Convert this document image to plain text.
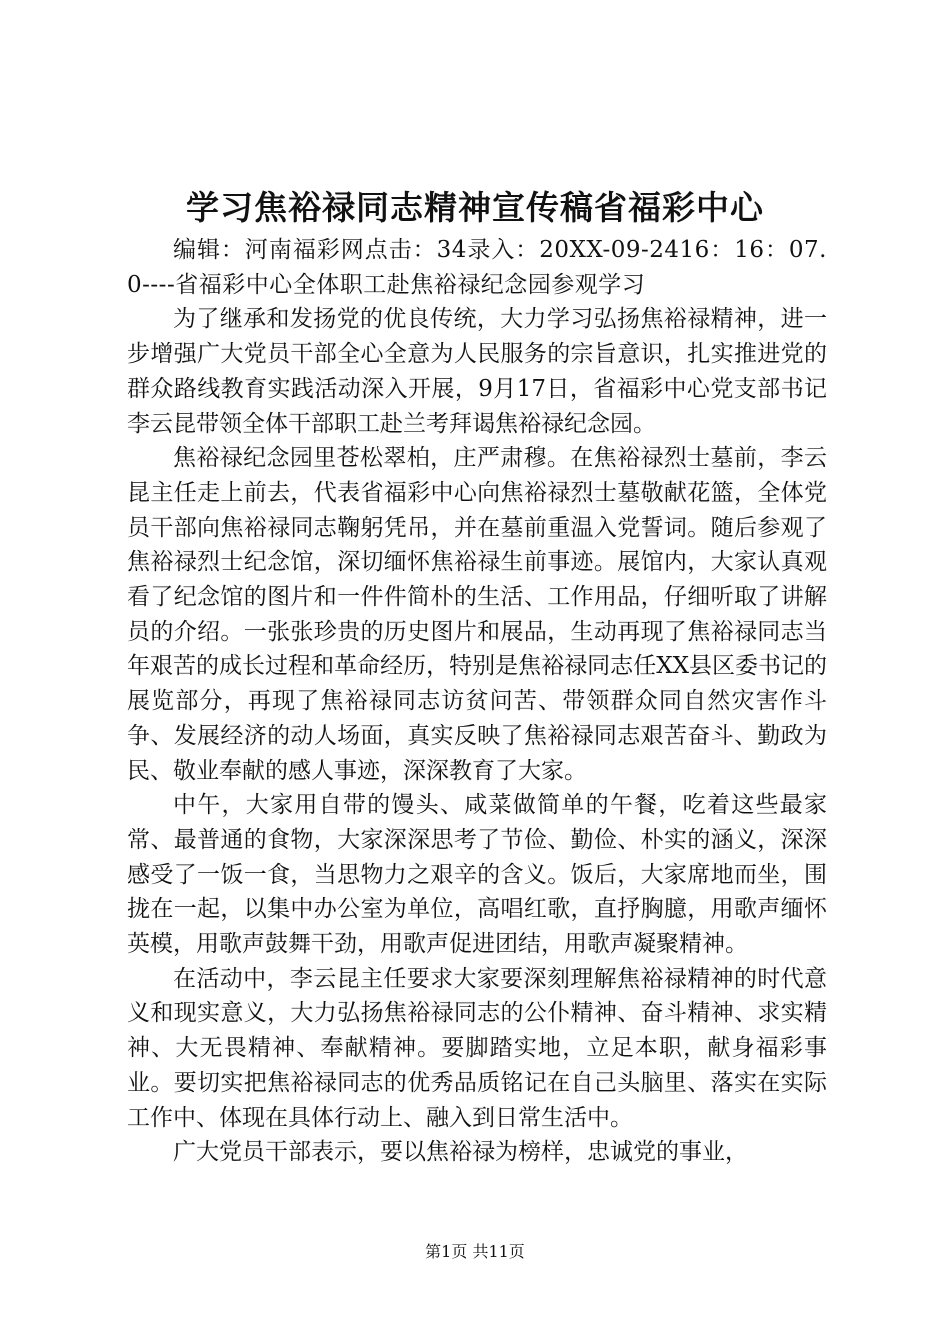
学习焦裕禄同志精神宣传稿省福彩中心

编辑：河南福彩网点击：34录入：20XX-09-2416：16：07.0----省福彩中心全体职工赴焦裕禄纪念园参观学习

为了继承和发扬党的优良传统，大力学习弘扬焦裕禄精神，进一步增强广大党员干部全心全意为人民服务的宗旨意识，扎实推进党的群众路线教育实践活动深入开展，9月17日，省福彩中心党支部书记李云昆带领全体干部职工赴兰考拜谒焦裕禄纪念园。

焦裕禄纪念园里苍松翠柏，庄严肃穆。在焦裕禄烈士墓前，李云昆主任走上前去，代表省福彩中心向焦裕禄烈士墓敬献花篮，全体党员干部向焦裕禄同志鞠躬凭吊，并在墓前重温入党誓词。随后参观了焦裕禄烈士纪念馆，深切缅怀焦裕禄生前事迹。展馆内，大家认真观看了纪念馆的图片和一件件简朴的生活、工作用品，仔细听取了讲解员的介绍。一张张珍贵的历史图片和展品，生动再现了焦裕禄同志当年艰苦的成长过程和革命经历，特别是焦裕禄同志任XX县区委书记的展览部分，再现了焦裕禄同志访贫问苦、带领群众同自然灾害作斗争、发展经济的动人场面，真实反映了焦裕禄同志艰苦奋斗、勤政为民、敬业奉献的感人事迹，深深教育了大家。

中午，大家用自带的馒头、咸菜做简单的午餐，吃着这些最家常、最普通的食物，大家深深思考了节俭、勤俭、朴实的涵义，深深感受了一饭一食，当思物力之艰辛的含义。饭后，大家席地而坐，围拢在一起，以集中办公室为单位，高唱红歌，直抒胸臆，用歌声缅怀英模，用歌声鼓舞干劲，用歌声促进团结，用歌声凝聚精神。

在活动中，李云昆主任要求大家要深刻理解焦裕禄精神的时代意义和现实意义，大力弘扬焦裕禄同志的公仆精神、奋斗精神、求实精神、大无畏精神、奉献精神。要脚踏实地，立足本职，献身福彩事业。要切实把焦裕禄同志的优秀品质铭记在自己头脑里、落实在实际工作中、体现在具体行动上、融入到日常生活中。

广大党员干部表示，要以焦裕禄为榜样，忠诚党的事业，

第1页 共11页
